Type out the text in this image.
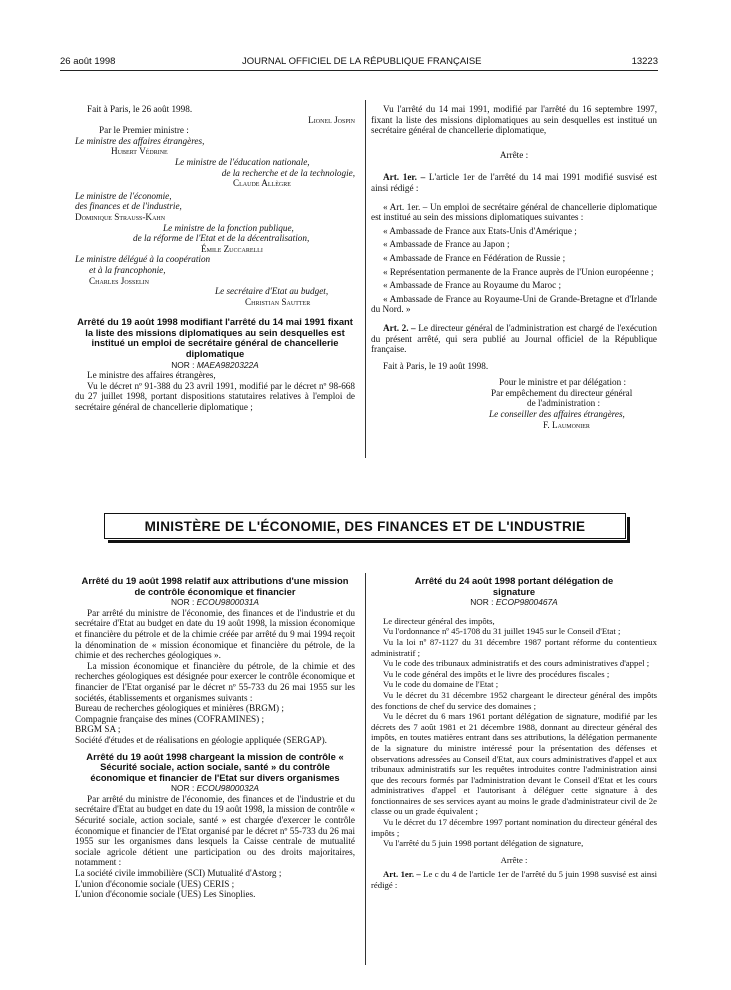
26 août 1998	JOURNAL OFFICIEL DE LA RÉPUBLIQUE FRANÇAISE	13223

Fait à Paris, le 26 août 1998.

Lionel Jospin

Par le Premier ministre :

Le ministre des affaires étrangères,

Hubert Védrine

Le ministre de l'éducation nationale,

de la recherche et de la technologie,

Claude Allègre

Le ministre de l'économie,

des finances et de l'industrie,

Dominique Strauss-Kahn

Le ministre de la fonction publique,

de la réforme de l'Etat et de la décentralisation,

Émile Zuccarelli

Le ministre délégué à la coopération

et à la francophonie,

Charles Josselin

Le secrétaire d'Etat au budget,

Christian Sautter

Arrêté du 19 août 1998 modifiant l'arrêté du 14 mai 1991 fixant la liste des missions diplomatiques au sein desquelles est institué un emploi de secrétaire général de chancellerie diplomatique

NOR : MAEA9820322A

Le ministre des affaires étrangères,

Vu le décret nº 91-388 du 23 avril 1991, modifié par le décret nº 98-668 du 27 juillet 1998, portant dispositions statutaires relatives à l'emploi de secrétaire général de chancellerie diplomatique ;

Vu l'arrêté du 14 mai 1991, modifié par l'arrêté du 16 septembre 1997, fixant la liste des missions diplomatiques au sein desquelles est institué un secrétaire général de chancellerie diplomatique,

Arrête :

Art. 1er. – L'article 1er de l'arrêté du 14 mai 1991 modifié susvisé est ainsi rédigé :

« Art. 1er. – Un emploi de secrétaire général de chancellerie diplomatique est institué au sein des missions diplomatiques suivantes :

« Ambassade de France aux Etats-Unis d'Amérique ;

« Ambassade de France au Japon ;

« Ambassade de France en Fédération de Russie ;

« Représentation permanente de la France auprès de l'Union européenne ;

« Ambassade de France au Royaume du Maroc ;

« Ambassade de France au Royaume-Uni de Grande-Bretagne et d'Irlande du Nord. »

Art. 2. – Le directeur général de l'administration est chargé de l'exécution du présent arrêté, qui sera publié au Journal officiel de la République française.

Fait à Paris, le 19 août 1998.

Pour le ministre et par délégation :

Par empêchement du directeur général

de l'administration :

Le conseiller des affaires étrangères,

F. Laumonier

MINISTÈRE DE L'ÉCONOMIE, DES FINANCES ET DE L'INDUSTRIE

Arrêté du 19 août 1998 relatif aux attributions d'une mission de contrôle économique et financier

NOR : ECOU9800031A

Par arrêté du ministre de l'économie, des finances et de l'industrie et du secrétaire d'Etat au budget en date du 19 août 1998, la mission économique et financière du pétrole et de la chimie créée par arrêté du 9 mai 1994 reçoit la dénomination de « mission économique et financière du pétrole, de la chimie et des recherches géologiques ».

La mission économique et financière du pétrole, de la chimie et des recherches géologiques est désignée pour exercer le contrôle économique et financier de l'Etat organisé par le décret nº 55-733 du 26 mai 1955 sur les sociétés, établissements et organismes suivants :

Bureau de recherches géologiques et minières (BRGM) ;

Compagnie française des mines (COFRAMINES) ;

BRGM SA ;

Société d'études et de réalisations en géologie appliquée (SERGAP).

Arrêté du 19 août 1998 chargeant la mission de contrôle « Sécurité sociale, action sociale, santé » du contrôle économique et financier de l'Etat sur divers organismes

NOR : ECOU9800032A

Par arrêté du ministre de l'économie, des finances et de l'industrie et du secrétaire d'Etat au budget en date du 19 août 1998, la mission de contrôle « Sécurité sociale, action sociale, santé » est chargée d'exercer le contrôle économique et financier de l'Etat organisé par le décret nº 55-733 du 26 mai 1955 sur les organismes dans lesquels la Caisse centrale de mutualité sociale agricole détient une participation ou des droits majoritaires, notamment :

La société civile immobilière (SCI) Mutualité d'Astorg ;

L'union d'économie sociale (UES) CERIS ;

L'union d'économie sociale (UES) Les Sinoplies.

Arrêté du 24 août 1998 portant délégation de signature

NOR : ECOP9800467A

Le directeur général des impôts,

Vu l'ordonnance nº 45-1708 du 31 juillet 1945 sur le Conseil d'Etat ;

Vu la loi nº 87-1127 du 31 décembre 1987 portant réforme du contentieux administratif ;

Vu le code des tribunaux administratifs et des cours administratives d'appel ;

Vu le code général des impôts et le livre des procédures fiscales ;

Vu le code du domaine de l'Etat ;

Vu le décret du 31 décembre 1952 chargeant le directeur général des impôts des fonctions de chef du service des domaines ;

Vu le décret du 6 mars 1961 portant délégation de signature, modifié par les décrets des 7 août 1981 et 21 décembre 1988, donnant au directeur général des impôts, en toutes matières entrant dans ses attributions, la délégation permanente de la signature du ministre intéressé pour la présentation des défenses et observations adressées au Conseil d'Etat, aux cours administratives d'appel et aux tribunaux administratifs sur les requêtes introduites contre l'administration ainsi que des recours formés par l'administration devant le Conseil d'Etat et les cours administratives d'appel et l'autorisant à déléguer cette signature à des fonctionnaires de ses services ayant au moins le grade d'administrateur civil de 2e classe ou un grade équivalent ;

Vu le décret du 17 décembre 1997 portant nomination du directeur général des impôts ;

Vu l'arrêté du 5 juin 1998 portant délégation de signature,

Arrête :

Art. 1er. – Le c du 4 de l'article 1er de l'arrêté du 5 juin 1998 susvisé est ainsi rédigé :
